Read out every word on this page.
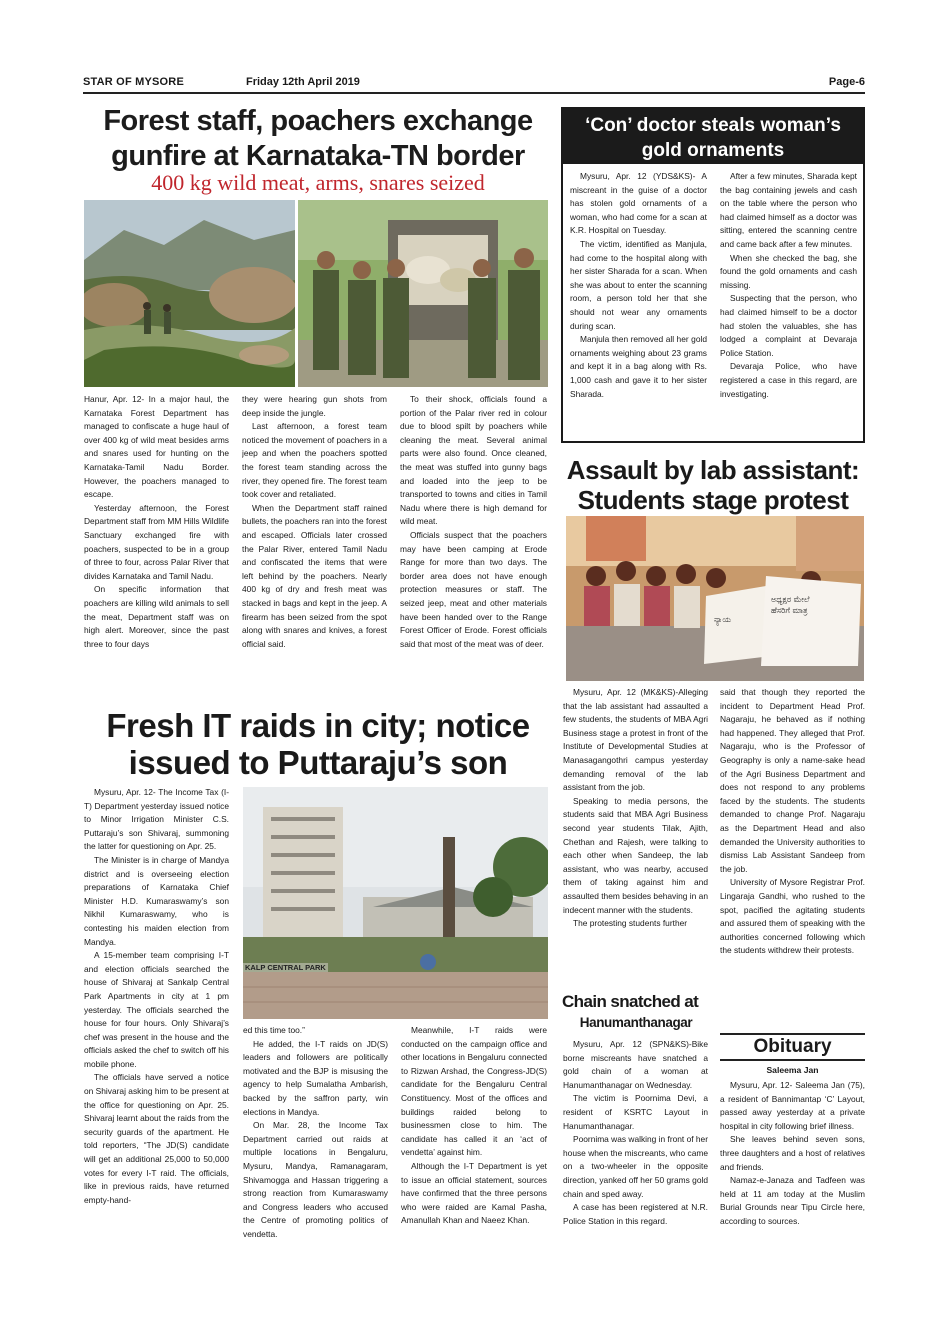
STAR OF MYSORE	Friday 12th April 2019	Page-6
Forest staff, poachers exchange
gunfire at Karnataka-TN border
400 kg wild meat, arms, snares seized

Hanur, Apr. 12- In a major haul, the Karnataka Forest Department has managed to confiscate a huge haul of over 400 kg of wild meat besides arms and snares used for hunting on the Karnataka-Tamil Nadu Border. However, the poachers managed to escape.

Yesterday afternoon, the Forest Department staff from MM Hills Wildlife Sanctuary exchanged fire with poachers, suspected to be in a group of three to four, across Palar River that divides Karnataka and Tamil Nadu.

On specific information that poachers are killing wild animals to sell the meat, Department staff was on high alert. Moreover, since the past three to four days

they were hearing gun shots from deep inside the jungle.

Last afternoon, a forest team noticed the movement of poachers in a jeep and when the poachers spotted the forest team standing across the river, they opened fire. The forest team took cover and retaliated.

When the Department staff rained bullets, the poachers ran into the forest and escaped. Officials later crossed the Palar River, entered Tamil Nadu and confiscated the items that were left behind by the poachers. Nearly 400 kg of dry and fresh meat was stacked in bags and kept in the jeep. A firearm has been seized from the spot along with snares and knives, a forest official said.

To their shock, officials found a portion of the Palar river red in colour due to blood spilt by poachers while cleaning the meat. Several animal parts were also found. Once cleaned, the meat was stuffed into gunny bags and loaded into the jeep to be transported to towns and cities in Tamil Nadu where there is high demand for wild meat.

Officials suspect that the poachers may have been camping at Erode Range for more than two days. The border area does not have enough protection measures or staff. The seized jeep, meat and other materials have been handed over to the Range Forest Officer of Erode. Forest officials said that most of the meat was of deer.

‘Con’ doctor steals woman’s
gold ornaments

Mysuru, Apr. 12 (YDS&KS)- A miscreant in the guise of a doctor has stolen gold ornaments of a woman, who had come for a scan at K.R. Hospital on Tuesday.

The victim, identified as Manjula, had come to the hospital along with her sister Sharada for a scan. When she was about to enter the scanning room, a person told her that she should not wear any ornaments during scan.

Manjula then removed all her gold ornaments weighing about 23 grams and kept it in a bag along with Rs. 1,000 cash and gave it to her sister Sharada.

After a few minutes, Sharada kept the bag containing jewels and cash on the table where the person who had claimed himself as a doctor was sitting, entered the scanning centre and came back after a few minutes.

When she checked the bag, she found the gold ornaments and cash missing.

Suspecting that the person, who had claimed himself to be a doctor had stolen the valuables, she has lodged a complaint at Devaraja Police Station.

Devaraja Police, who have registered a case in this regard, are investigating.

Assault by lab assistant:
Students stage protest
ಅಧ್ಯಕ್ಷರ ಮೇಲೆ
ಹೆಸರಿಗೆ ಮಾತ್ರ
ನ್ಯಾಯ

Mysuru, Apr. 12 (MK&KS)-Alleging that the lab assistant had assaulted a few students, the students of MBA Agri Business stage a protest in front of the Institute of Developmental Studies at Manasagangothri campus yesterday demanding removal of the lab assistant from the job.

Speaking to media persons, the students said that MBA Agri Business second year students Tilak, Ajith, Chethan and Rajesh, were talking to each other when Sandeep, the lab assistant, who was nearby, accused them of taking against him and assaulted them besides behaving in an indecent manner with the students.

The protesting students further

said that though they reported the incident to Department Head Prof. Nagaraju, he behaved as if nothing had happened. They alleged that Prof. Nagaraju, who is the Professor of Geography is only a name-sake head of the Agri Business Department and does not respond to any problems faced by the students. The students demanded to change Prof. Nagaraju as the Department Head and also demanded the University authorities to dismiss Lab Assistant Sandeep from the job.

University of Mysore Registrar Prof. Lingaraja Gandhi, who rushed to the spot, pacified the agitating students and assured them of speaking with the authorities concerned following which the students withdrew their protests.

Chain snatched at
Hanumanthanagar

Mysuru, Apr. 12 (SPN&KS)-Bike borne miscreants have snatched a gold chain of a woman at Hanumanthanagar on Wednesday.

The victim is Poornima Devi, a resident of KSRTC Layout in Hanumanthanagar.

Poornima was walking in front of her house when the miscreants, who came on a two-wheeler in the opposite direction, yanked off her 50 grams gold chain and sped away.

A case has been registered at N.R. Police Station in this regard.

Obituary
Saleema Jan

Mysuru, Apr. 12- Saleema Jan (75), a resident of Bannimantap ‘C’ Layout, passed away yesterday at a private hospital in city following brief illness.

She leaves behind seven sons, three daughters and a host of relatives and friends.

Namaz-e-Janaza and Tadfeen was held at 11 am today at the Muslim Burial Grounds near Tipu Circle here, according to sources.

Fresh IT raids in city; notice
issued to Puttaraju’s son
KALP CENTRAL PARK

Mysuru, Apr. 12- The Income Tax (I-T) Department yesterday issued notice to Minor Irrigation Minister C.S. Puttaraju’s son Shivaraj, summoning the latter for questioning on Apr. 25.

The Minister is in charge of Mandya district and is overseeing election preparations of Karnataka Chief Minister H.D. Kumaraswamy’s son Nikhil Kumaraswamy, who is contesting his maiden election from Mandya.

A 15-member team comprising I-T and election officials searched the house of Shivaraj at Sankalp Central Park Apartments in city at 1 pm yesterday. The officials searched the house for four hours. Only Shivaraj’s chef was present in the house and the officials asked the chef to switch off his mobile phone.

The officials have served a notice on Shivaraj asking him to be present at the office for questioning on Apr. 25. Shivaraj learnt about the raids from the security guards of the apartment. He told reporters, “The JD(S) candidate will get an additional 25,000 to 50,000 votes for every I-T raid. The officials, like in previous raids, have returned empty-hand-

ed this time too.”

He added, the I-T raids on JD(S) leaders and followers are politically motivated and the BJP is misusing the agency to help Sumalatha Ambarish, backed by the saffron party, win elections in Mandya.

On Mar. 28, the Income Tax Department carried out raids at multiple locations in Bengaluru, Mysuru, Mandya, Ramanagaram, Shivamogga and Hassan triggering a strong reaction from Kumaraswamy and Congress leaders who accused the Centre of promoting politics of vendetta.

Meanwhile, I-T raids were conducted on the campaign office and other locations in Bengaluru connected to Rizwan Arshad, the Congress-JD(S) candidate for the Bengaluru Central Constituency. Most of the offices and buildings raided belong to businessmen close to him. The candidate has called it an ‘act of vendetta’ against him.

Although the I-T Department is yet to issue an official statement, sources have confirmed that the three persons who were raided are Kamal Pasha, Amanullah Khan and Naeez Khan.
